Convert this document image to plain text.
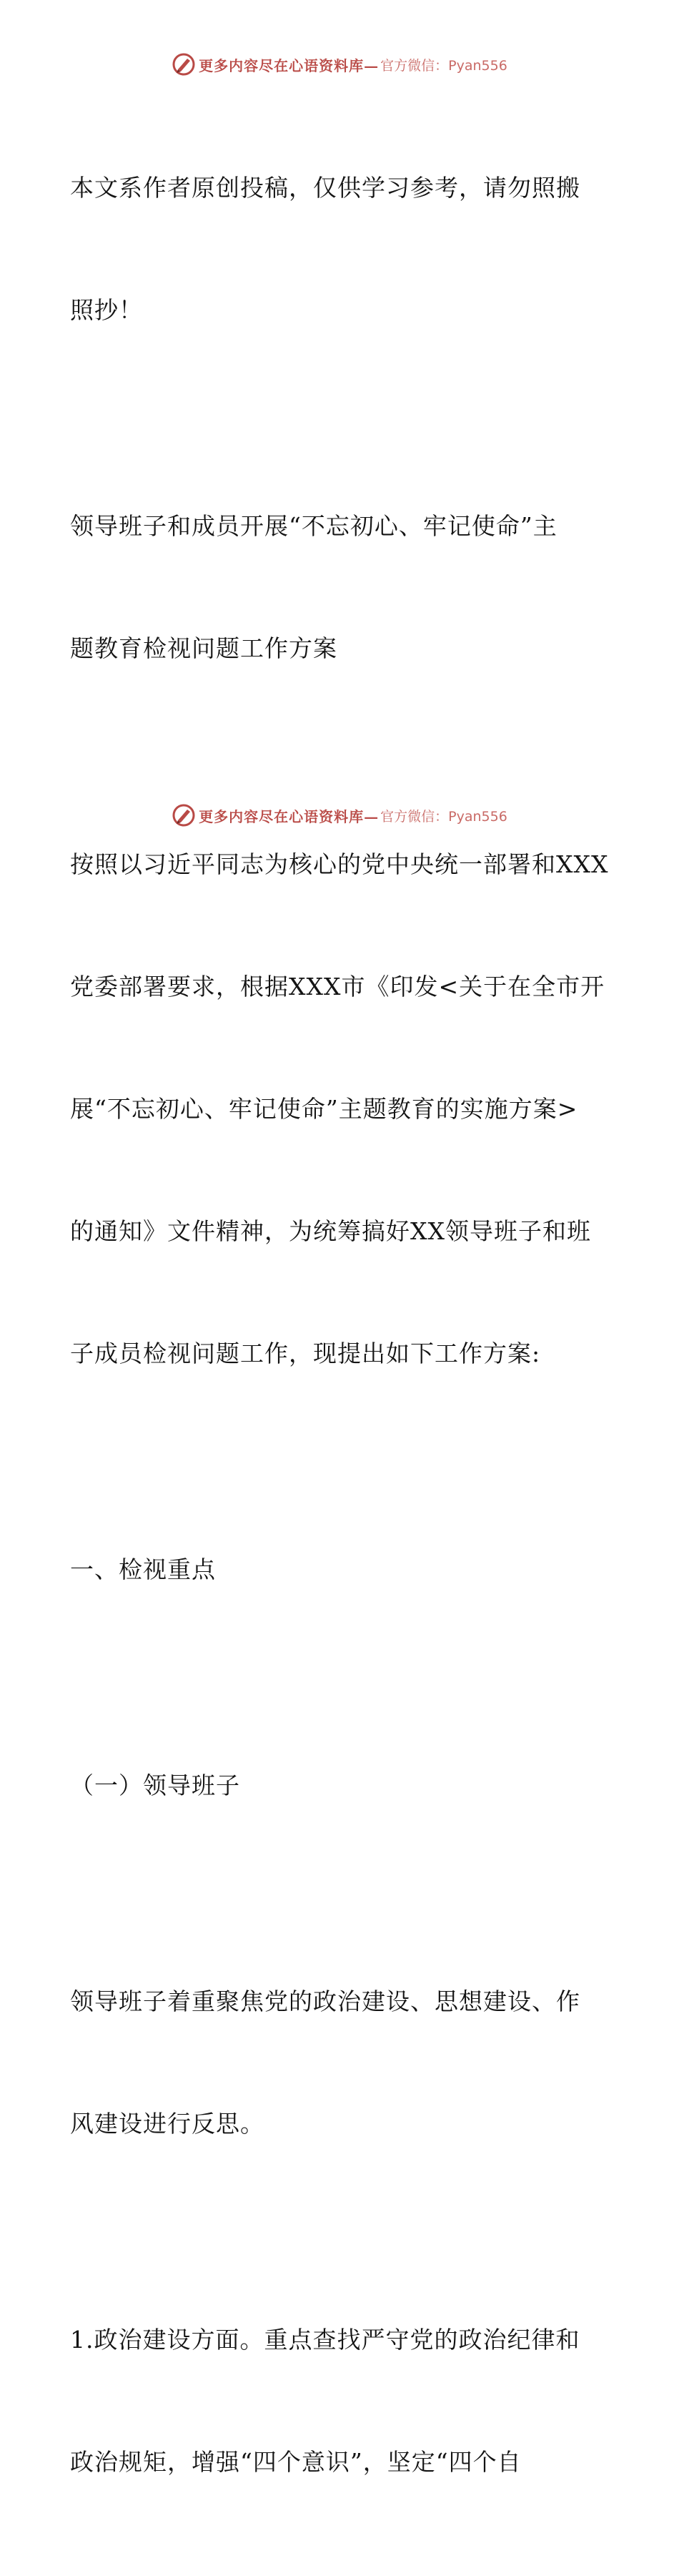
更多内容尽在心语资料库— 官方微信：Pyan556

本文系作者原创投稿，仅供学习参考，请勿照搬

照抄！

领导班子和成员开展“不忘初心、牢记使命”主

题教育检视问题工作方案

按照以习近平同志为核心的党中央统一部署和XXX

党委部署要求，根据XXX市《印发<关于在全市开

展“不忘初心、牢记使命”主题教育的实施方案>

的通知》文件精神，为统筹搞好XX领导班子和班

子成员检视问题工作，现提出如下工作方案:

一、检视重点

（一）领导班子

领导班子着重聚焦党的政治建设、思想建设、作

风建设进行反思。

1.政治建设方面。重点查找严守党的政治纪律和

政治规矩，增强“四个意识”，坚定“四个自

更多内容尽在心语资料库— 官方微信：Pyan556
